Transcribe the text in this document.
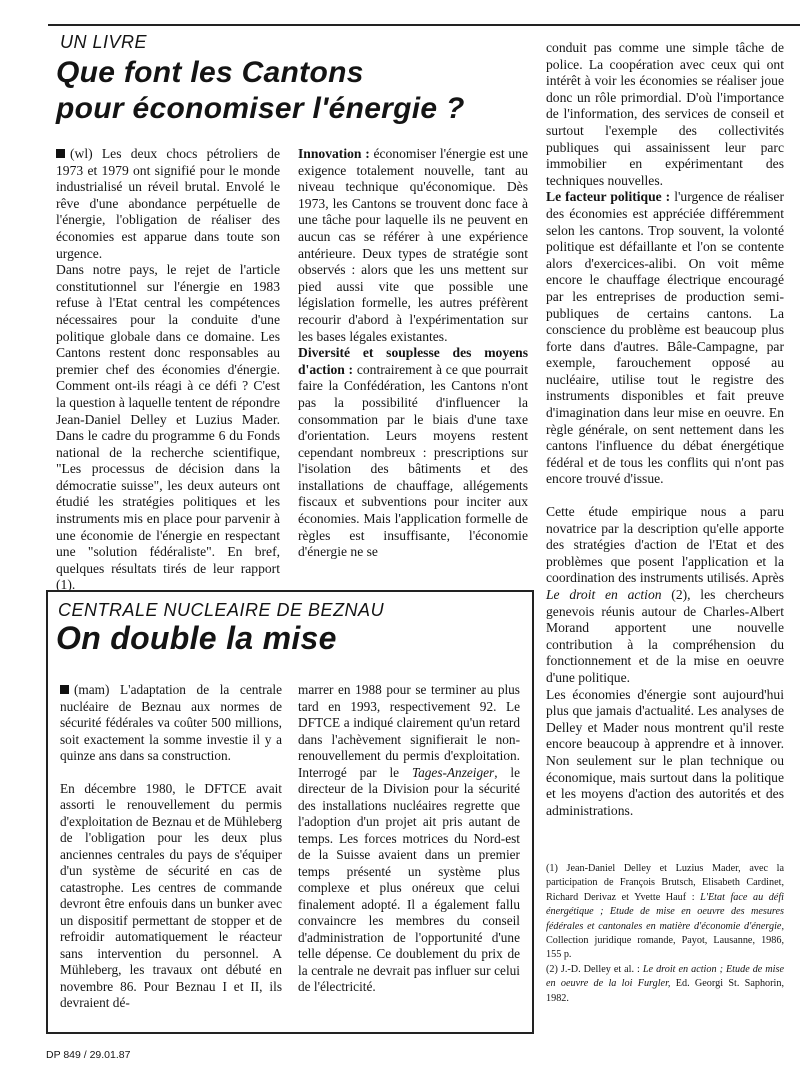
UN LIVRE
Que font les Cantons
pour économiser l'énergie ?

(wl) Les deux chocs pétroliers de 1973 et 1979 ont signifié pour le monde industrialisé un réveil brutal. Envolé le rêve d'une abondance perpétuelle de l'énergie, l'obligation de réaliser des économies est apparue dans toute son urgence.

Dans notre pays, le rejet de l'article constitutionnel sur l'énergie en 1983 refuse à l'Etat central les compétences nécessaires pour la conduite d'une politique globale dans ce domaine. Les Cantons restent donc responsables au premier chef des économies d'énergie. Comment ont-ils réagi à ce défi ? C'est la question à laquelle tentent de répondre Jean-Daniel Delley et Luzius Mader. Dans le cadre du programme 6 du Fonds national de la recherche scientifique, "Les processus de décision dans la démocratie suisse", les deux auteurs ont étudié les stratégies politiques et les instruments mis en place pour parvenir à une économie de l'énergie en respectant une "solution fédéraliste". En bref, quelques résultats tirés de leur rapport (1).

Innovation : économiser l'énergie est une exigence totalement nouvelle, tant au niveau technique qu'économique. Dès 1973, les Cantons se trouvent donc face à une tâche pour laquelle ils ne peuvent en aucun cas se référer à une expérience antérieure. Deux types de stratégie sont observés : alors que les uns mettent sur pied aussi vite que possible une législation formelle, les autres préfèrent recourir d'abord à l'expérimentation sur les bases légales existantes.

Diversité et souplesse des moyens d'action : contrairement à ce que pourrait faire la Confédération, les Cantons n'ont pas la possibilité d'influencer la consommation par le biais d'une taxe d'orientation. Leurs moyens restent cependant nombreux : prescriptions sur l'isolation des bâtiments et des installations de chauffage, allégements fiscaux et subventions pour inciter aux économies. Mais l'application formelle de règles est insuffisante, l'économie d'énergie ne se

conduit pas comme une simple tâche de police. La coopération avec ceux qui ont intérêt à voir les économies se réaliser joue donc un rôle primordial. D'où l'importance de l'information, des services de conseil et surtout l'exemple des collectivités publiques qui assainissent leur parc immobilier en expérimentant des techniques nouvelles.

Le facteur politique : l'urgence de réaliser des économies est appréciée différemment selon les cantons. Trop souvent, la volonté politique est défaillante et l'on se contente alors d'exercices-alibi. On voit même encore le chauffage électrique encouragé par les entreprises de production semi-publiques de certains cantons. La conscience du problème est beaucoup plus forte dans d'autres. Bâle-Campagne, par exemple, farouchement opposé au nucléaire, utilise tout le registre des instruments disponibles et fait preuve d'imagination dans leur mise en oeuvre. En règle générale, on sent nettement dans les cantons l'influence du débat énergétique fédéral et de tous les conflits qui n'ont pas encore trouvé d'issue.

Cette étude empirique nous a paru novatrice par la description qu'elle apporte des stratégies d'action de l'Etat et des problèmes que posent l'application et la coordination des instruments utilisés. Après Le droit en action (2), les chercheurs genevois réunis autour de Charles-Albert Morand apportent une nouvelle contribution à la compréhension du fonctionnement et de la mise en oeuvre d'une politique.

Les économies d'énergie sont aujourd'hui plus que jamais d'actualité. Les analyses de Delley et Mader nous montrent qu'il reste encore beaucoup à apprendre et à innover. Non seulement sur le plan technique ou économique, mais surtout dans la politique et les moyens d'action des autorités et des administrations.

(1) Jean-Daniel Delley et Luzius Mader, avec la participation de François Brutsch, Elisabeth Cardinet, Richard Derivaz et Yvette Hauf : L'Etat face au défi énergétique ; Etude de mise en oeuvre des mesures fédérales et cantonales en matière d'économie d'énergie, Collection juridique romande, Payot, Lausanne, 1986, 155 p.

(2) J.-D. Delley et al. : Le droit en action ; Etude de mise en oeuvre de la loi Furgler, Ed. Georgi St. Saphorin, 1982.

CENTRALE NUCLEAIRE DE BEZNAU
On double la mise

(mam) L'adaptation de la centrale nucléaire de Beznau aux normes de sécurité fédérales va coûter 500 millions, soit exactement la somme investie il y a quinze ans dans sa construction.

En décembre 1980, le DFTCE avait assorti le renouvellement du permis d'exploitation de Beznau et de Mühleberg de l'obligation pour les deux plus anciennes centrales du pays de s'équiper d'un système de sécurité en cas de catastrophe. Les centres de commande devront être enfouis dans un bunker avec un dispositif permettant de stopper et de refroidir automatiquement le réacteur sans intervention du personnel. A Mühleberg, les travaux ont débuté en novembre 86. Pour Beznau I et II, ils devraient dé-

marrer en 1988 pour se terminer au plus tard en 1993, respectivement 92. Le DFTCE a indiqué clairement qu'un retard dans l'achèvement signifierait le non-renouvellement du permis d'exploitation. Interrogé par le Tages-Anzeiger, le directeur de la Division pour la sécurité des installations nucléaires regrette que l'adoption d'un projet ait pris autant de temps. Les forces motrices du Nord-est de la Suisse avaient dans un premier temps présenté un système plus complexe et plus onéreux que celui finalement adopté. Il a également fallu convaincre les membres du conseil d'administration de l'opportunité d'une telle dépense. Ce doublement du prix de la centrale ne devrait pas influer sur celui de l'électricité.

DP 849 / 29.01.87
